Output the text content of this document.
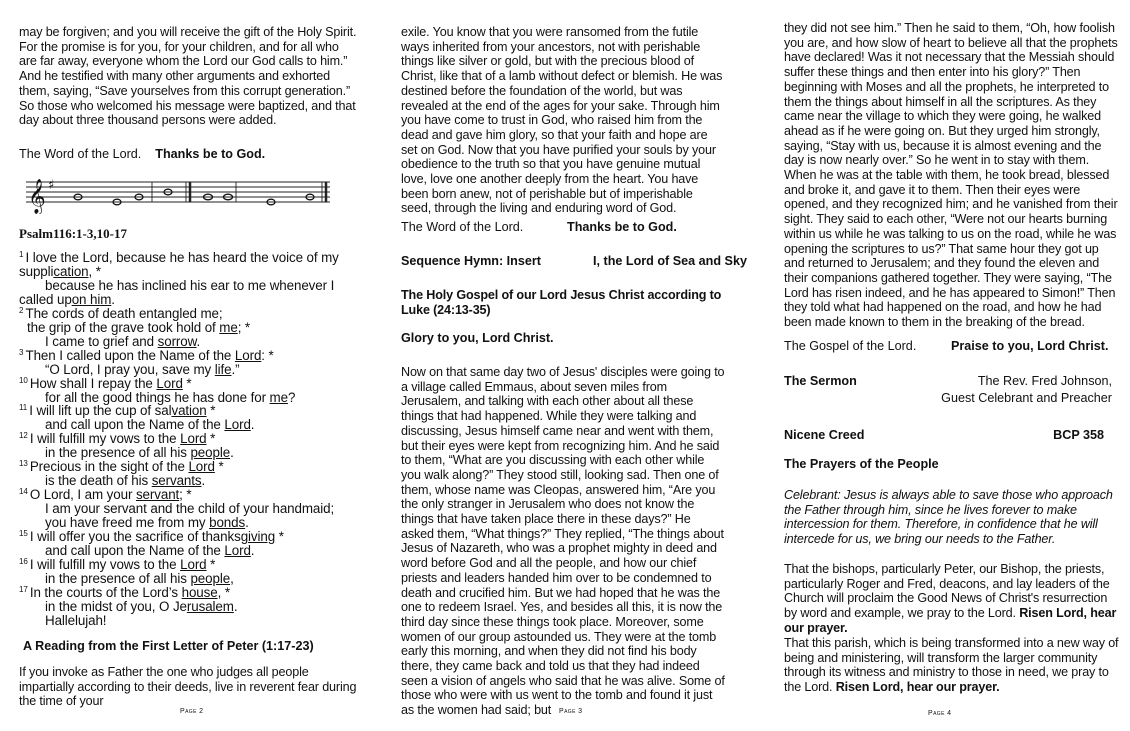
may be forgiven; and you will receive the gift of the Holy Spirit. For the promise is for you, for your children, and for all who are far away, everyone whom the Lord our God calls to him.” And he testified with many other arguments and exhorted them, saying, “Save yourselves from this corrupt generation.” So those who welcomed his message were baptized, and that day about three thousand persons were added.

The Word of the Lord. Thanks be to God.
𝄞 ♯
Psalm116:1-3,10-17
$^1$ I love the Lord, because he has heard the voice of my
supplication, *
because he has inclined his ear to me whenever I
called upon him.
$^2$ The cords of death entangled me;
the grip of the grave took hold of me; *
I came to grief and sorrow.
$^3$ Then I called upon the Name of the Lord: *
“O Lord, I pray you, save my life.”
$^{10}$ How shall I repay the Lord *
for all the good things he has done for me?
$^{11}$ I will lift up the cup of salvation *
and call upon the Name of the Lord.
$^{12}$ I will fulfill my vows to the Lord *
in the presence of all his people.
$^{13}$ Precious in the sight of the Lord *
is the death of his servants.
$^{14}$ O Lord, I am your servant; *
I am your servant and the child of your handmaid;
you have freed me from my bonds.
$^{15}$ I will offer you the sacrifice of thanksgiving *
and call upon the Name of the Lord.
$^{16}$ I will fulfill my vows to the Lord *
in the presence of all his people,
$^{17}$ In the courts of the Lord’s house, *
in the midst of you, O Jerusalem.
Hallelujah!
A Reading from the First Letter of Peter (1:17-23)

If you invoke as Father the one who judges all people impartially according to their deeds, live in reverent fear during the time of your

Page 2

exile. You know that you were ransomed from the futile ways inherited from your ancestors, not with perishable things like silver or gold, but with the precious blood of Christ, like that of a lamb without defect or blemish. He was destined before the foundation of the world, but was revealed at the end of the ages for your sake. Through him you have come to trust in God, who raised him from the dead and gave him glory, so that your faith and hope are set on God. Now that you have purified your souls by your obedience to the truth so that you have genuine mutual love, love one another deeply from the heart. You have been born anew, not of perishable but of imperishable seed, through the living and enduring word of God.

The Word of the Lord.	Thanks be to God.
Sequence Hymn: Insert	I, the Lord of Sea and Sky

The Holy Gospel of our Lord Jesus Christ according to Luke (24:13-35)

Glory to you, Lord Christ.

Now on that same day two of Jesus' disciples were going to a village called Emmaus, about seven miles from Jerusalem, and talking with each other about all these things that had happened. While they were talking and discussing, Jesus himself came near and went with them, but their eyes were kept from recognizing him. And he said to them, “What are you discussing with each other while you walk along?” They stood still, looking sad. Then one of them, whose name was Cleopas, answered him, “Are you the only stranger in Jerusalem who does not know the things that have taken place there in these days?” He asked them, “What things?” They replied, “The things about Jesus of Nazareth, who was a prophet mighty in deed and word before God and all the people, and how our chief priests and leaders handed him over to be condemned to death and crucified him. But we had hoped that he was the one to redeem Israel. Yes, and besides all this, it is now the third day since these things took place. Moreover, some women of our group astounded us. They were at the tomb early this morning, and when they did not find his body there, they came back and told us that they had indeed seen a vision of angels who said that he was alive. Some of those who were with us went to the tomb and found it just as the women had said; but	Page 3

they did not see him.” Then he said to them, “Oh, how foolish you are, and how slow of heart to believe all that the prophets have declared! Was it not necessary that the Messiah should suffer these things and then enter into his glory?” Then beginning with Moses and all the prophets, he interpreted to them the things about himself in all the scriptures. As they came near the village to which they were going, he walked ahead as if he were going on. But they urged him strongly, saying, “Stay with us, because it is almost evening and the day is now nearly over.” So he went in to stay with them. When he was at the table with them, he took bread, blessed and broke it, and gave it to them. Then their eyes were opened, and they recognized him; and he vanished from their sight. They said to each other, “Were not our hearts burning within us while he was talking to us on the road, while he was opening the scriptures to us?” That same hour they got up and returned to Jerusalem; and they found the eleven and their companions gathered together. They were saying, “The Lord has risen indeed, and he has appeared to Simon!” Then they told what had happened on the road, and how he had been made known to them in the breaking of the bread.

The Gospel of the Lord.	Praise to you, Lord Christ.
The Sermon	The Rev. Fred Johnson,
Guest Celebrant and Preacher
Nicene Creed	BCP 358
The Prayers of the People

Celebrant: Jesus is always able to save those who approach the Father through him, since he lives forever to make intercession for them. Therefore, in confidence that he will intercede for us, we bring our needs to the Father.

That the bishops, particularly Peter, our Bishop, the priests, particularly Roger and Fred, deacons, and lay leaders of the Church will proclaim the Good News of Christ's resurrection by word and example, we pray to the Lord. Risen Lord, hear our prayer.

That this parish, which is being transformed into a new way of being and ministering, will transform the larger community through its witness and ministry to those in need, we pray to the Lord. Risen Lord, hear our prayer.

Page 4
